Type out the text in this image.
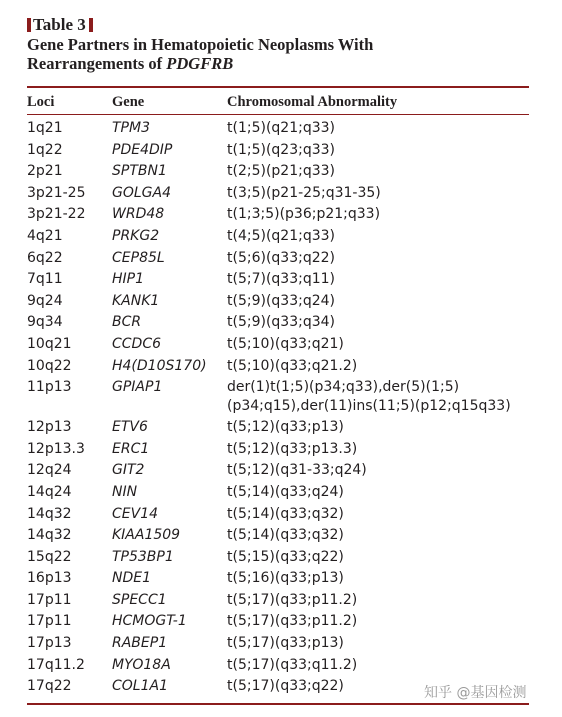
Table 3
Gene Partners in Hematopoietic Neoplasms With
Rearrangements of PDGFRB
Loci	Gene	Chromosomal Abnormality
1q21	TPM3	t(1;5)(q21;q33)
1q22	PDE4DIP	t(1;5)(q23;q33)
2p21	SPTBN1	t(2;5)(p21;q33)
3p21-25 GOLGA4	t(3;5)(p21-25;q31-35)
3p21-22 WRD48	t(1;3;5)(p36;p21;q33)
4q21	PRKG2	t(4;5)(q21;q33)
6q22	CEP85L	t(5;6)(q33;q22)
7q11	HIP1	t(5;7)(q33;q11)
9q24	KANK1	t(5;9)(q33;q24)
9q34	BCR	t(5;9)(q33;q34)
10q21	CCDC6	t(5;10)(q33;q21)
10q22	H4(D10S170) t(5;10)(q33;q21.2)
11p13	GPIAP1	der(1)t(1;5)(p34;q33),der(5)(1;5)(p34;q15),der(11)ins(11;5)(p12;q15q33)
12p13	ETV6	t(5;12)(q33;p13)
12p13.3 ERC1	t(5;12)(q33;p13.3)
12q24	GIT2	t(5;12)(q31-33;q24)
14q24	NIN	t(5;14)(q33;q24)
14q32	CEV14	t(5;14)(q33;q32)
14q32	KIAA1509	t(5;14)(q33;q32)
15q22	TP53BP1	t(5;15)(q33;q22)
16p13	NDE1	t(5;16)(q33;p13)
17p11	SPECC1	t(5;17)(q33;p11.2)
17p11	HCMOGT-1	t(5;17)(q33;p11.2)
17p13	RABEP1	t(5;17)(q33;p13)
17q11.2 MYO18A	t(5;17)(q33;q11.2)
17q22	COL1A1	t(5;17)(q33;q22)	知乎 @基因检测
